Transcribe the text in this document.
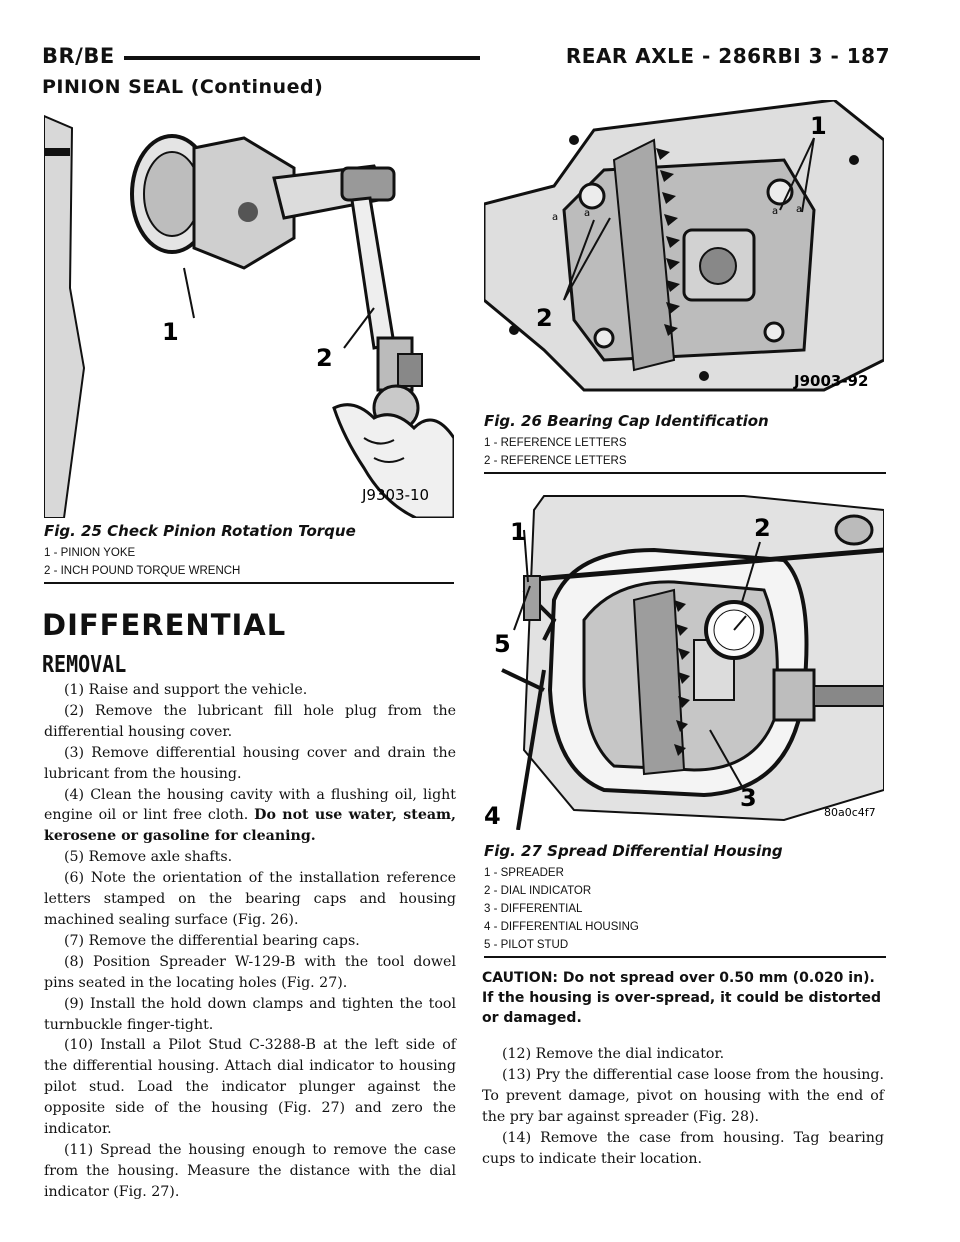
BR/BE	REAR AXLE - 286RBI 3 - 187
PINION SEAL (Continued)
1
2
J9303-10
Fig. 25 Check Pinion Rotation Torque
1 - PINION YOKE
2 - INCH POUND TORQUE WRENCH
a	a	a a
2
1
J9003-92
Fig. 26 Bearing Cap Identification
1 - REFERENCE LETTERS
2 - REFERENCE LETTERS
1	2
3
4
5
80a0c4f7
Fig. 27 Spread Differential Housing
1 - SPREADER
2 - DIAL INDICATOR
3 - DIFFERENTIAL
4 - DIFFERENTIAL HOUSING
5 - PILOT STUD
DIFFERENTIAL
REMOVAL

(1) Raise and support the vehicle.

(2) Remove the lubricant fill hole plug from the differential housing cover.

(3) Remove differential housing cover and drain the lubricant from the housing.

(4) Clean the housing cavity with a flushing oil, light engine oil or lint free cloth. Do not use water, steam, kerosene or gasoline for cleaning.

(5) Remove axle shafts.

(6) Note the orientation of the installation reference letters stamped on the bearing caps and housing machined sealing surface (Fig. 26).

(7) Remove the differential bearing caps.

(8) Position Spreader W-129-B with the tool dowel pins seated in the locating holes (Fig. 27).

(9) Install the hold down clamps and tighten the tool turnbuckle finger-tight.

(10) Install a Pilot Stud C-3288-B at the left side of the differential housing. Attach dial indicator to housing pilot stud. Load the indicator plunger against the opposite side of the housing (Fig. 27) and zero the indicator.

(11) Spread the housing enough to remove the case from the housing. Measure the distance with the dial indicator (Fig. 27).

CAUTION: Do not spread over 0.50 mm (0.020 in). If the housing is over-spread, it could be distorted or damaged.

(12) Remove the dial indicator.

(13) Pry the differential case loose from the housing. To prevent damage, pivot on housing with the end of the pry bar against spreader (Fig. 28).

(14) Remove the case from housing. Tag bearing cups to indicate their location.
